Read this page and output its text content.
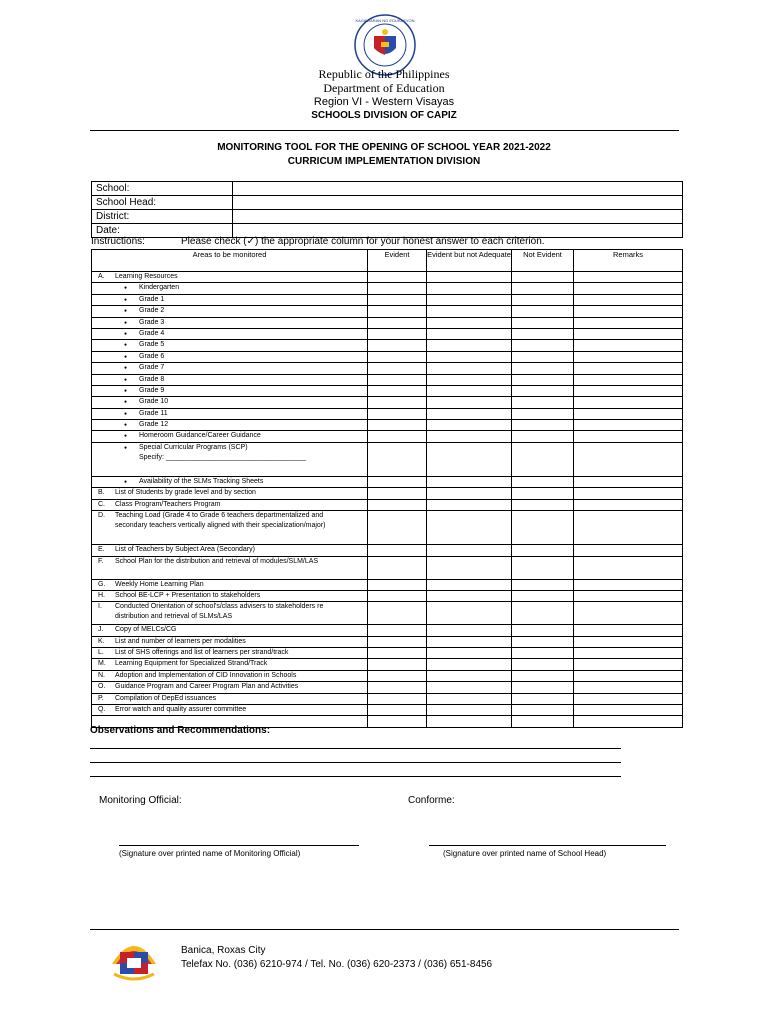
KAGAWARAN NG EDUKASYON
Republic of the Philippines
Department of Education
Region VI - Western Visayas
SCHOOLS DIVISION OF CAPIZ
MONITORING TOOL FOR THE OPENING OF SCHOOL YEAR 2021-2022
CURRICUM IMPLEMENTATION DIVISION
School:	
School Head:	
District:	
Date:	
Instructions:	Please check (✓) the appropriate column for your honest answer to each criterion.
Areas to be monitored	Evident	Evident but not Adequate	Not Evident	Remarks
A. Learning Resources				
● Kindergarten				
● Grade 1				
● Grade 2				
● Grade 3				
● Grade 4				
● Grade 5				
● Grade 6				
● Grade 7				
● Grade 8				
● Grade 9				
● Grade 10				
● Grade 11				
● Grade 12				
● Homeroom Guidance/Career Guidance				
● Special Curricular Programs (SCP)
Specify: ____________________________________				

● Availability of the SLMs Tracking Sheets				
B. List of Students by grade level and by section				
C. Class Program/Teachers Program				
D. Teaching Load (Grade 4 to Grade 6 teachers departmentalized and secondary teachers vertically aligned with their specialization/major)				
E. List of Teachers by Subject Area (Secondary)				
F. School Plan for the distribution and retrieval of modules/SLM/LAS				
G. Weekly Home Learning Plan				
H. School BE-LCP + Presentation to stakeholders				
I. Conducted Orientation of school's/class advisers to stakeholders re distribution and retrieval of SLMs/LAS				
J. Copy of MELCs/CG				
K. List and number of learners per modalities				
L. List of SHS offerings and list of learners per strand/track				
M. Learning Equipment for Specialized Strand/Track				
N. Adoption and Implementation of CID Innovation in Schools				
O. Guidance Program and Career Program Plan and Activities				
P. Compilation of DepEd issuances				
Q. Error watch and quality assurer committee				

Observations and Recommendations:
Monitoring Official:	Conforme:
(Signature over printed name of Monitoring Official)	(Signature over printed name of School Head)
Banica, Roxas City
Telefax No. (036) 6210-974 / Tel. No. (036) 620-2373 / (036) 651-8456
